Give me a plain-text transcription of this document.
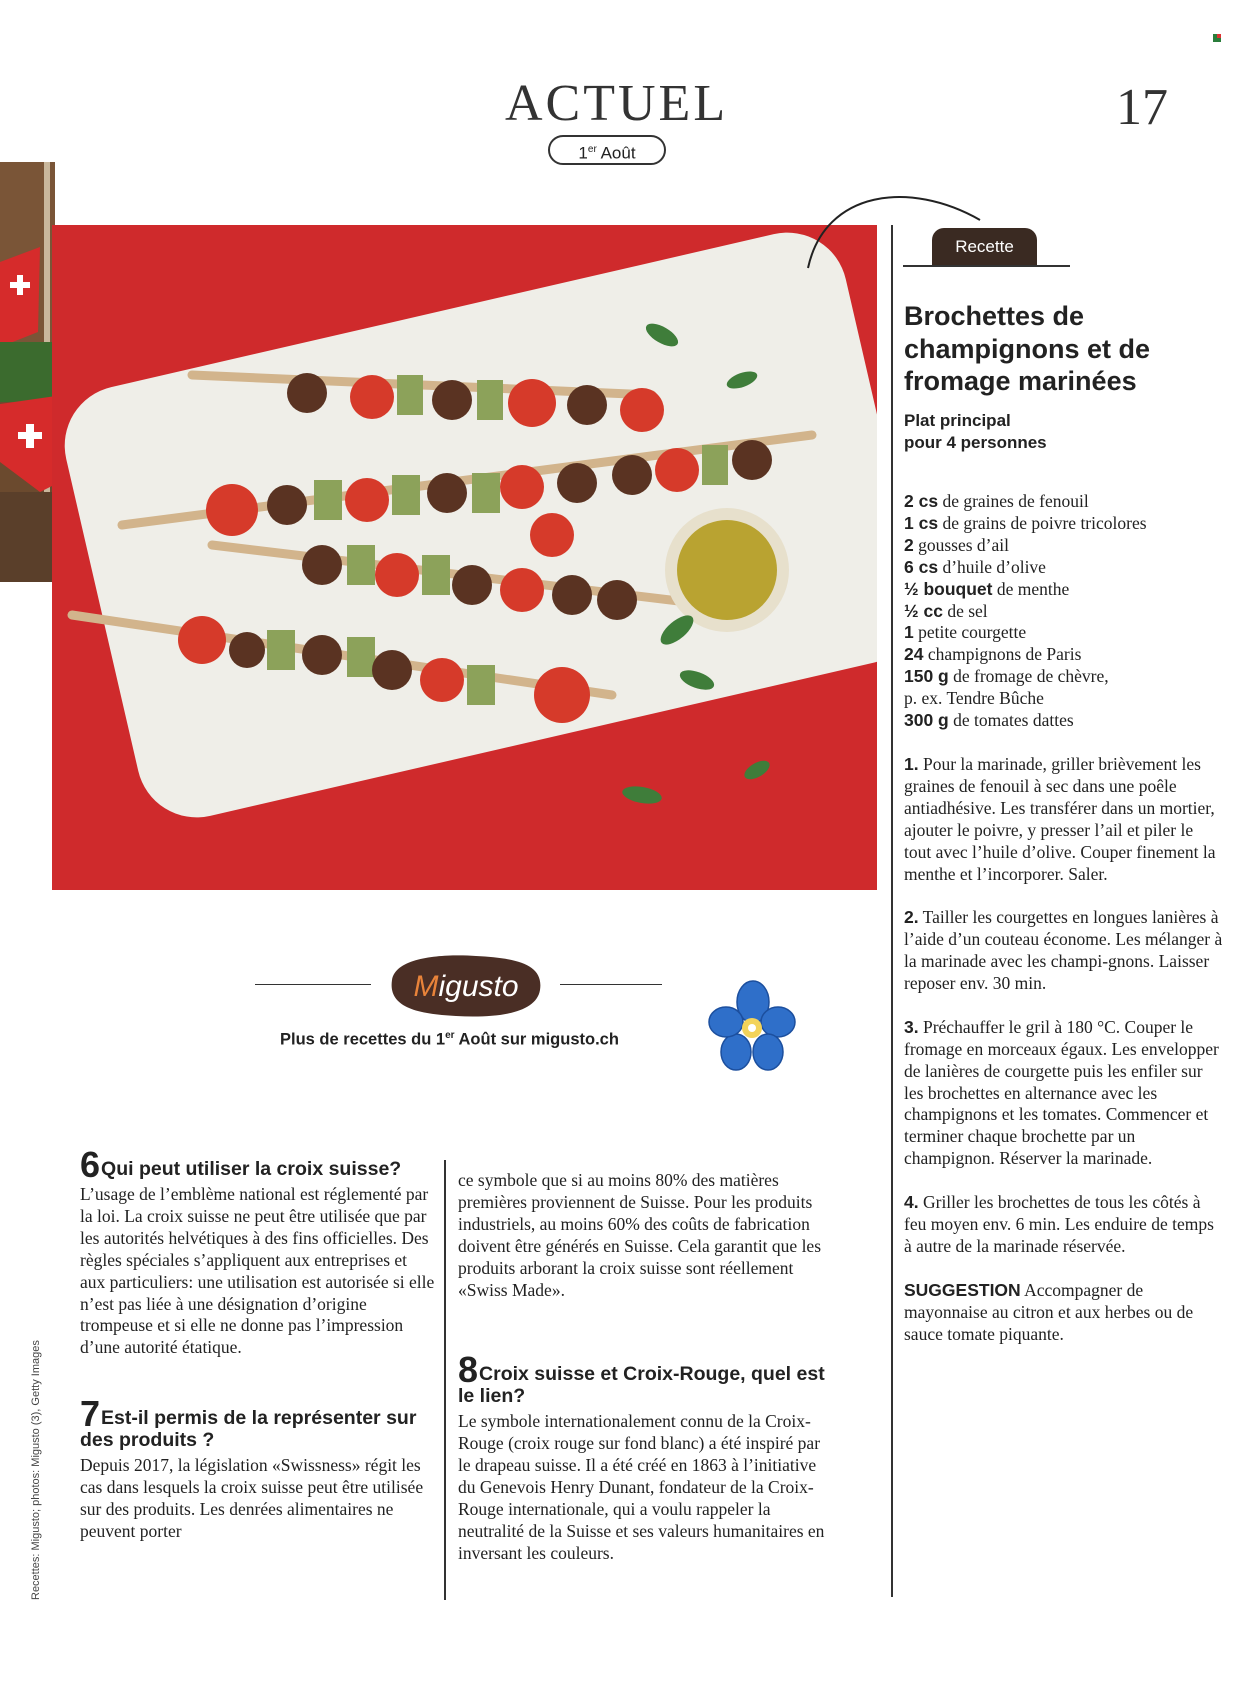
ACTUEL
1er Août
17
Recette
Brochettes de champignons et de fromage marinées
Plat principal
pour 4 personnes
2 cs de graines de fenouil
1 cs de grains de poivre tricolores
2 gousses d’ail
6 cs d’huile d’olive
½ bouquet de menthe
½ cc de sel
1 petite courgette
24 champignons de Paris
150 g de fromage de chèvre,
p. ex. Tendre Bûche
300 g de tomates dattes

1. Pour la marinade, griller brièvement les graines de fenouil à sec dans une poêle antiadhésive. Les transférer dans un mortier, ajouter le poivre, y presser l’ail et piler le tout avec l’huile d’olive. Couper finement la menthe et l’incorporer. Saler.

2. Tailler les courgettes en longues lanières à l’aide d’un couteau économe. Les mélanger à la marinade avec les champi-gnons. Laisser reposer env. 30 min.

3. Préchauffer le gril à 180 °C. Couper le fromage en morceaux égaux. Les envelopper de lanières de courgette puis les enfiler sur les brochettes en alternance avec les champignons et les tomates. Commencer et terminer chaque brochette par un champignon. Réserver la marinade.

4. Griller les brochettes de tous les côtés à feu moyen env. 6 min. Les enduire de temps à autre de la marinade réservée.

SUGGESTION Accompagner de mayonnaise au citron et aux herbes ou de sauce tomate piquante.

Migusto
Plus de recettes du 1er Août sur migusto.ch
6 Qui peut utiliser la croix suisse?
L’usage de l’emblème national est réglementé par la loi. La croix suisse ne peut être utilisée que par les autorités helvétiques à des fins officielles. Des règles spéciales s’appliquent aux entreprises et aux particuliers: une utilisation est autorisée si elle n’est pas liée à une désignation d’origine trompeuse et si elle ne donne pas l’impression d’une autorité étatique.
7 Est-il permis de la représenter sur des produits ?
Depuis 2017, la législation «Swissness» régit les cas dans lesquels la croix suisse peut être utilisée sur des produits. Les denrées alimentaires ne peuvent porter
ce symbole que si au moins 80% des matières premières proviennent de Suisse. Pour les produits industriels, au moins 60% des coûts de fabrication doivent être générés en Suisse. Cela garantit que les produits arborant la croix suisse sont réellement «Swiss Made».
8 Croix suisse et Croix-Rouge, quel est le lien?
Le symbole internationalement connu de la Croix-Rouge (croix rouge sur fond blanc) a été inspiré par le drapeau suisse. Il a été créé en 1863 à l’initiative du Genevois Henry Dunant, fondateur de la Croix-Rouge internationale, qui a voulu rappeler la neutralité de la Suisse et ses valeurs humanitaires en inversant les couleurs.
Recettes: Migusto; photos: Migusto (3), Getty Images
